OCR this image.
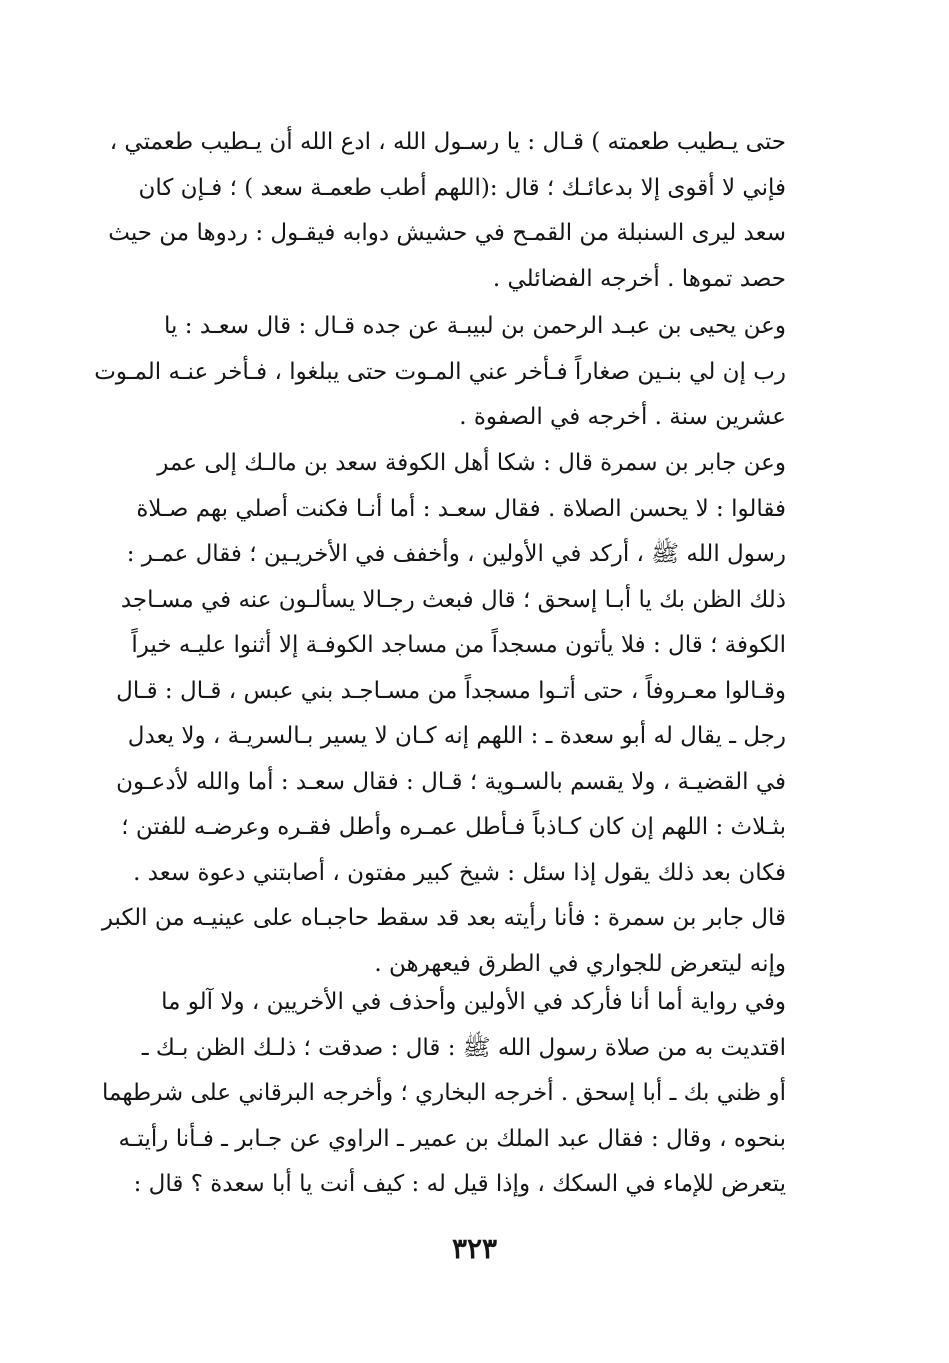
حتى يـطيب طعمته ) قـال : يا رسـول الله ، ادع الله أن يـطيب طعمتي ،
فإني لا أقوى إلا بدعائـك ؛ قال :(اللهم أطب طعمـة سعد ) ؛ فـإن كان
سعد ليرى السنبلة من القمـح في حشيش دوابه فيقـول : ردوها من حيث
حصد تموها . أخرجه الفضائلي .
وعن يحيى بن عبـد الرحمن بن لبيبـة عن جده قـال : قال سعـد : يا
رب إن لي بنـين صغاراً فـأخر عني المـوت حتى يبلغوا ، فـأخر عنـه المـوت
عشرين سنة . أخرجه في الصفوة .
وعن جابر بن سمرة قال : شكا أهل الكوفة سعد بن مالـك إلى عمر
فقالوا : لا يحسن الصلاة . فقال سعـد : أما أنـا فكنت أصلي بهم صـلاة
رسول الله ﷺ ، أركد في الأولين ، وأخفف في الأخريـين ؛ فقال عمـر :
ذلك الظن بك يا أبـا إسحق ؛ قال فبعث رجـالا يسألـون عنه في مسـاجد
الكوفة ؛ قال : فلا يأتون مسجداً من مساجد الكوفـة إلا أثنوا عليـه خيراً
وقـالوا معـروفاً ، حتى أتـوا مسجداً من مسـاجـد بني عبس ، قـال : قـال
رجل ـ يقال له أبو سعدة ـ : اللهم إنه كـان لا يسير بـالسريـة ، ولا يعدل
في القضيـة ، ولا يقسم بالسـوية ؛ قـال : فقال سعـد : أما والله لأدعـون
بثـلاث : اللهم إن كان كـاذباً فـأطل عمـره وأطل فقـره وعرضـه للفتن ؛
فكان بعد ذلك يقول إذا سئل : شيخ كبير مفتون ، أصابتني دعوة سعد .
قال جابر بن سمرة : فأنا رأيته بعد قد سقط حاجبـاه على عينيـه من الكبر
وإنه ليتعرض للجواري في الطرق فيعهرهن .
وفي رواية أما أنا فأركد في الأولين وأحذف في الأخريين ، ولا آلو ما
اقتديت به من صلاة رسول الله ﷺ : قال : صدقت ؛ ذلـك الظن بـك ـ
أو ظني بك ـ أبا إسحق . أخرجه البخاري ؛ وأخرجه البرقاني على شرطهما
بنحوه ، وقال : فقال عبد الملك بن عمير ـ الراوي عن جـابر ـ فـأنا رأيتـه
يتعرض للإماء في السكك ، وإذا قيل له : كيف أنت يا أبا سعدة ؟ قال :
٣٢٣
